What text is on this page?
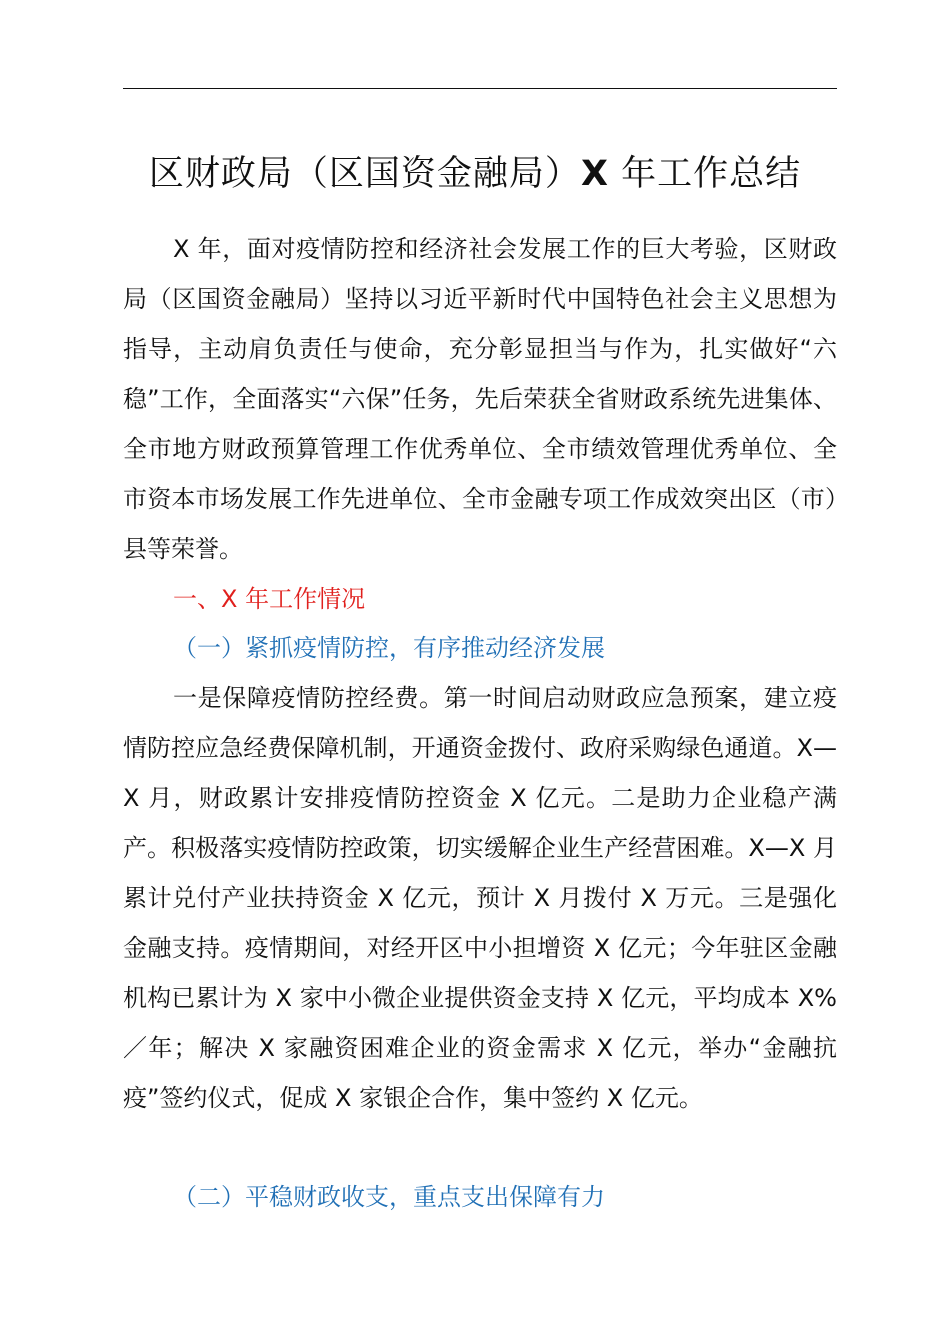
区财政局（区国资金融局）X 年工作总结

X 年，面对疫情防控和经济社会发展工作的巨大考验，区财政局（区国资金融局）坚持以习近平新时代中国特色社会主义思想为指导，主动肩负责任与使命，充分彰显担当与作为，扎实做好“六稳”工作，全面落实“六保”任务，先后荣获全省财政系统先进集体、全市地方财政预算管理工作优秀单位、全市绩效管理优秀单位、全市资本市场发展工作先进单位、全市金融专项工作成效突出区（市）县等荣誉。

一、X 年工作情况
（一）紧抓疫情防控，有序推动经济发展

一是保障疫情防控经费。第一时间启动财政应急预案，建立疫情防控应急经费保障机制，开通资金拨付、政府采购绿色通道。X—X 月，财政累计安排疫情防控资金 X 亿元。二是助力企业稳产满产。积极落实疫情防控政策，切实缓解企业生产经营困难。X—X 月累计兑付产业扶持资金 X 亿元，预计 X 月拨付 X 万元。三是强化金融支持。疫情期间，对经开区中小担增资 X 亿元；今年驻区金融机构已累计为 X 家中小微企业提供资金支持 X 亿元，平均成本 X%／年；解决 X 家融资困难企业的资金需求 X 亿元，举办“金融抗疫”签约仪式，促成 X 家银企合作，集中签约 X 亿元。

（二）平稳财政收支，重点支出保障有力
